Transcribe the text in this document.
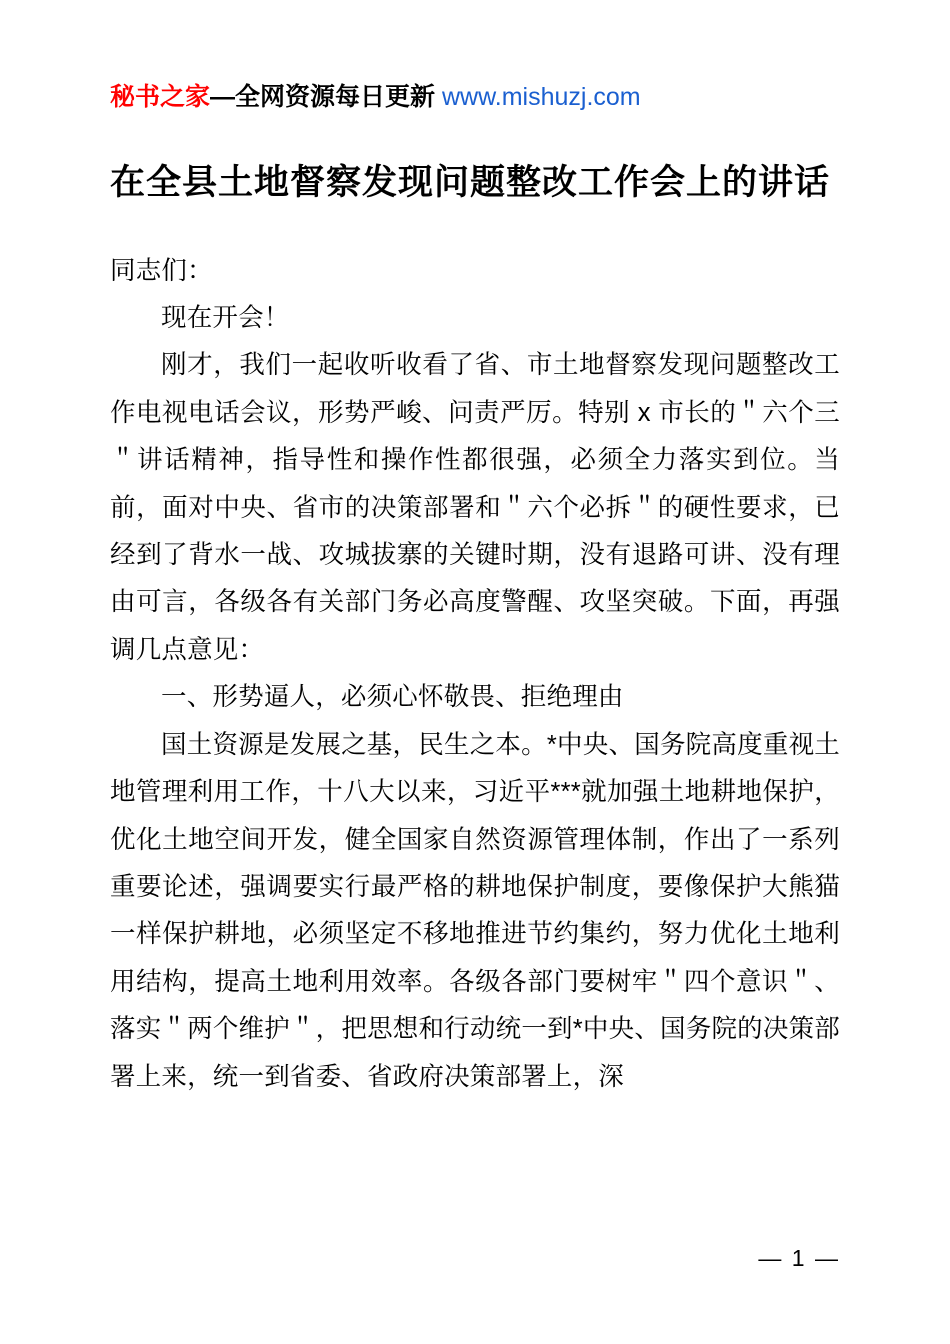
秘书之家—全网资源每日更新 www.mishuzj.com
在全县土地督察发现问题整改工作会上的讲话

同志们：

现在开会！

刚才，我们一起收听收看了省、市土地督察发现问题整改工作电视电话会议，形势严峻、问责严厉。特别 x 市长的＂六个三＂讲话精神，指导性和操作性都很强，必须全力落实到位。当前，面对中央、省市的决策部署和＂六个必拆＂的硬性要求，已经到了背水一战、攻城拔寨的关键时期，没有退路可讲、没有理由可言，各级各有关部门务必高度警醒、攻坚突破。下面，再强调几点意见：

一、形势逼人，必须心怀敬畏、拒绝理由

国土资源是发展之基，民生之本。*中央、国务院高度重视土地管理利用工作，十八大以来，习近平***就加强土地耕地保护，优化土地空间开发，健全国家自然资源管理体制，作出了一系列重要论述，强调要实行最严格的耕地保护制度，要像保护大熊猫一样保护耕地，必须坚定不移地推进节约集约，努力优化土地利用结构，提高土地利用效率。各级各部门要树牢＂四个意识＂、落实＂两个维护＂，把思想和行动统一到*中央、国务院的决策部署上来，统一到省委、省政府决策部署上，深

— 1 —
